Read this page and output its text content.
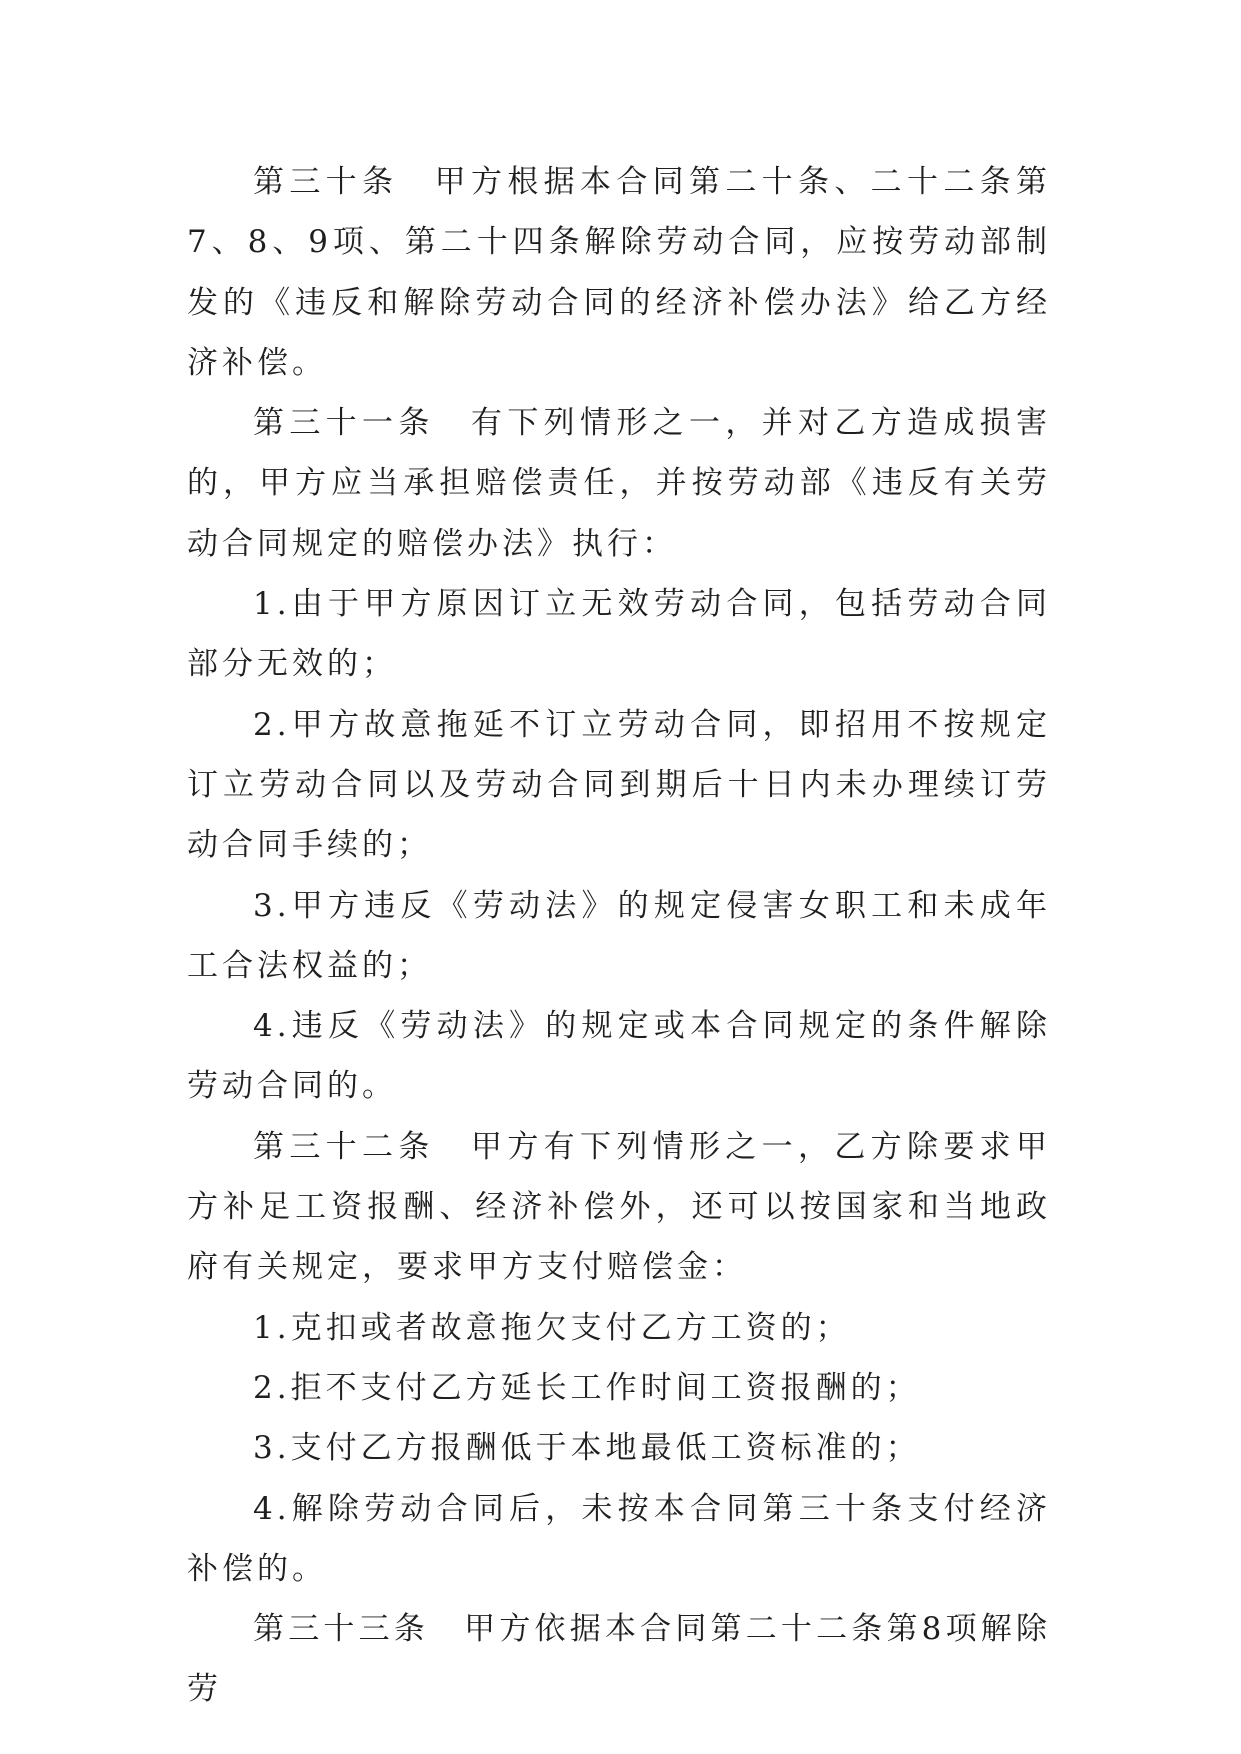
第三十条　甲方根据本合同第二十条、二十二条第7、8、9项、第二十四条解除劳动合同，应按劳动部制发的《违反和解除劳动合同的经济补偿办法》给乙方经济补偿。

第三十一条　有下列情形之一，并对乙方造成损害的，甲方应当承担赔偿责任，并按劳动部《违反有关劳动合同规定的赔偿办法》执行：

1.由于甲方原因订立无效劳动合同，包括劳动合同部分无效的；

2.甲方故意拖延不订立劳动合同，即招用不按规定订立劳动合同以及劳动合同到期后十日内未办理续订劳动合同手续的；

3.甲方违反《劳动法》的规定侵害女职工和未成年工合法权益的；

4.违反《劳动法》的规定或本合同规定的条件解除劳动合同的。

第三十二条　甲方有下列情形之一，乙方除要求甲方补足工资报酬、经济补偿外，还可以按国家和当地政府有关规定，要求甲方支付赔偿金：

1.克扣或者故意拖欠支付乙方工资的；

2.拒不支付乙方延长工作时间工资报酬的；

3.支付乙方报酬低于本地最低工资标准的；

4.解除劳动合同后，未按本合同第三十条支付经济补偿的。

第三十三条　甲方依据本合同第二十二条第8项解除劳
